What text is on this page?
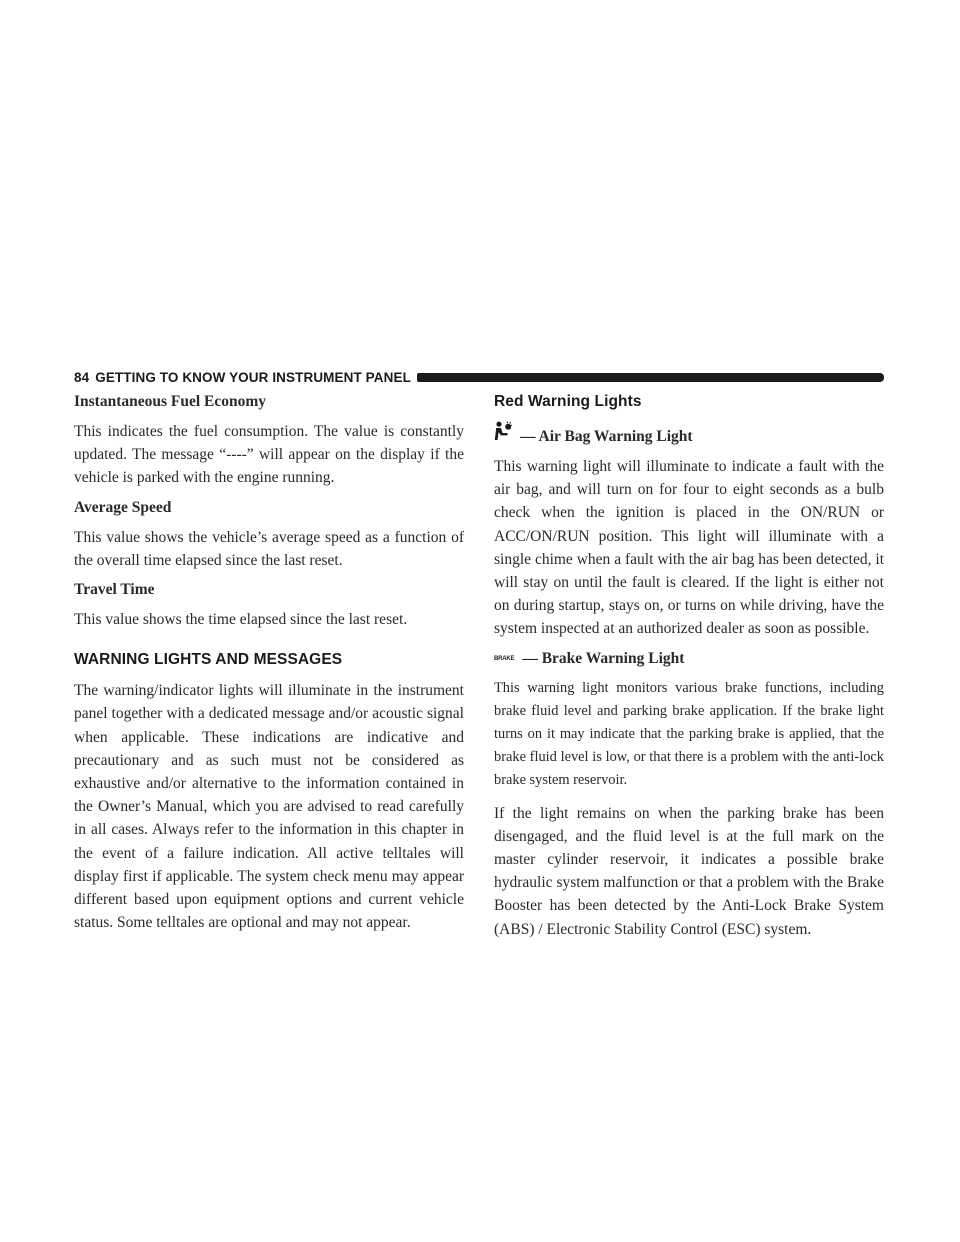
84 GETTING TO KNOW YOUR INSTRUMENT PANEL
Instantaneous Fuel Economy

This indicates the fuel consumption. The value is constantly updated. The message “----” will appear on the display if the vehicle is parked with the engine running.

Average Speed

This value shows the vehicle’s average speed as a function of the overall time elapsed since the last reset.

Travel Time

This value shows the time elapsed since the last reset.

WARNING LIGHTS AND MESSAGES

The warning/indicator lights will illuminate in the instrument panel together with a dedicated message and/or acoustic signal when applicable. These indications are indicative and precautionary and as such must not be considered as exhaustive and/or alternative to the information contained in the Owner’s Manual, which you are advised to read carefully in all cases. Always refer to the information in this chapter in the event of a failure indication. All active telltales will display first if applicable. The system check menu may appear different based upon equipment options and current vehicle status. Some telltales are optional and may not appear.

Red Warning Lights
— Air Bag Warning Light

This warning light will illuminate to indicate a fault with the air bag, and will turn on for four to eight seconds as a bulb check when the ignition is placed in the ON/RUN or ACC/ON/RUN position. This light will illuminate with a single chime when a fault with the air bag has been detected, it will stay on until the fault is cleared. If the light is either not on during startup, stays on, or turns on while driving, have the system inspected at an authorized dealer as soon as possible.

BRAKE — Brake Warning Light

This warning light monitors various brake functions, including brake fluid level and parking brake application. If the brake light turns on it may indicate that the parking brake is applied, that the brake fluid level is low, or that there is a problem with the anti-lock brake system reservoir.

If the light remains on when the parking brake has been disengaged, and the fluid level is at the full mark on the master cylinder reservoir, it indicates a possible brake hydraulic system malfunction or that a problem with the Brake Booster has been detected by the Anti-Lock Brake System (ABS) / Electronic Stability Control (ESC) system.
